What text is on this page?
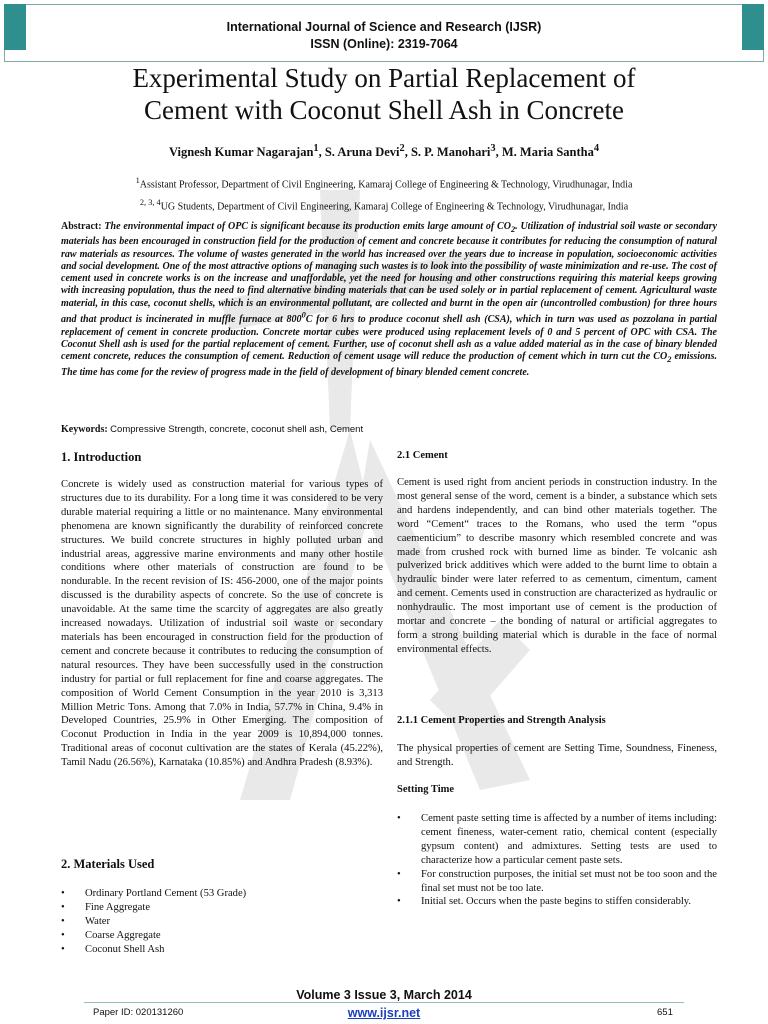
International Journal of Science and Research (IJSR)
ISSN (Online): 2319-7064
Experimental Study on Partial Replacement of
Cement with Coconut Shell Ash in Concrete
Vignesh Kumar Nagarajan$^1$, S. Aruna Devi$^2$, S. P. Manohari$^3$, M. Maria Santha$^4$
$^1$Assistant Professor, Department of Civil Engineering, Kamaraj College of Engineering & Technology, Virudhunagar, India
$^{2, 3, 4}$UG Students, Department of Civil Engineering, Kamaraj College of Engineering & Technology, Virudhunagar, India
Abstract: The environmental impact of OPC is significant because its production emits large amount of $CO_2$. Utilization of industrial soil waste or secondary materials has been encouraged in construction field for the production of cement and concrete because it contributes for reducing the consumption of natural raw materials as resources. The volume of wastes generated in the world has increased over the years due to increase in population, socioeconomic activities and social development. One of the most attractive options of managing such wastes is to look into the possibility of waste minimization and re-use. The cost of cement used in concrete works is on the increase and unaffordable, yet the need for housing and other constructions requiring this material keeps growing with increasing population, thus the need to find alternative binding materials that can be used solely or in partial replacement of cement. Agricultural waste material, in this case, coconut shells, which is an environmental pollutant, are collected and burnt in the open air (uncontrolled combustion) for three hours and that product is incinerated in muffle furnace at $800^0C$ for 6 hrs to produce coconut shell ash (CSA), which in turn was used as pozzolana in partial replacement of cement in concrete production. Concrete mortar cubes were produced using replacement levels of 0 and 5 percent of OPC with CSA. The Coconut Shell ash is used for the partial replacement of cement. Further, use of coconut shell ash as a value added material as in the case of binary blended cement concrete, reduces the consumption of cement. Reduction of cement usage will reduce the production of cement which in turn cut the $CO_2$ emissions. The time has come for the review of progress made in the field of development of binary blended cement concrete.
Keywords: Compressive Strength, concrete, coconut shell ash, Cement
1. Introduction
Concrete is widely used as construction material for various types of structures due to its durability. For a long time it was considered to be very durable material requiring a little or no maintenance. Many environmental phenomena are known significantly the durability of reinforced concrete structures. We build concrete structures in highly polluted urban and industrial areas, aggressive marine environments and many other hostile conditions where other materials of construction are found to be nondurable. In the recent revision of IS: 456-2000, one of the major points discussed is the durability aspects of concrete. So the use of concrete is unavoidable. At the same time the scarcity of aggregates are also greatly increased nowadays. Utilization of industrial soil waste or secondary materials has been encouraged in construction field for the production of cement and concrete because it contributes to reducing the consumption of natural resources. They have been successfully used in the construction industry for partial or full replacement for fine and coarse aggregates. The composition of World Cement Consumption in the year 2010 is 3,313 Million Metric Tons. Among that 7.0% in India, 57.7% in China, 9.4% in Developed Countries, 25.9% in Other Emerging. The composition of Coconut Production in India in the year 2009 is 10,894,000 tonnes. Traditional areas of coconut cultivation are the states of Kerala (45.22%), Tamil Nadu (26.56%), Karnataka (10.85%) and Andhra Pradesh (8.93%).
2. Materials Used
• Ordinary Portland Cement (53 Grade)
• Fine Aggregate
• Water
• Coarse Aggregate
• Coconut Shell Ash
2.1 Cement
Cement is used right from ancient periods in construction industry. In the most general sense of the word, cement is a binder, a substance which sets and hardens independently, and can bind other materials together. The word “Cement“ traces to the Romans, who used the term “opus caementicium” to describe masonry which resembled concrete and was made from crushed rock with burned lime as binder. Te volcanic ash pulverized brick additives which were added to the burnt lime to obtain a hydraulic binder were later referred to as cementum, cimentum, cament and cement. Cements used in construction are characterized as hydraulic or nonhydraulic. The most important use of cement is the production of mortar and concrete – the bonding of natural or artificial aggregates to form a strong building material which is durable in the face of normal environmental effects.
2.1.1 Cement Properties and Strength Analysis
The physical properties of cement are Setting Time, Soundness, Fineness, and Strength.
Setting Time
• Cement paste setting time is affected by a number of items including: cement fineness, water-cement ratio, chemical content (especially gypsum content) and admixtures. Setting tests are used to characterize how a particular cement paste sets.
• For construction purposes, the initial set must not be too soon and the final set must not be too late.
• Initial set. Occurs when the paste begins to stiffen considerably.
Volume 3 Issue 3, March 2014
Paper ID: 020131260	www.ijsr.net	651
